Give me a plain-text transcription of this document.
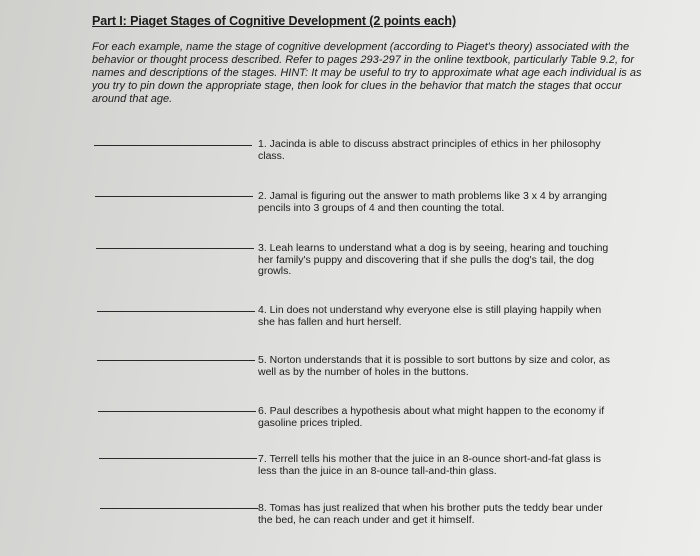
Part I: Piaget Stages of Cognitive Development (2 points each)
For each example, name the stage of cognitive development (according to Piaget's theory) associated with the behavior or thought process described. Refer to pages 293-297 in the online textbook, particularly Table 9.2, for names and descriptions of the stages. HINT: It may be useful to try to approximate what age each individual is as you try to pin down the appropriate stage, then look for clues in the behavior that match the stages that occur around that age.
1. Jacinda is able to discuss abstract principles of ethics in her philosophy class.
2. Jamal is figuring out the answer to math problems like 3 x 4 by arranging pencils into 3 groups of 4 and then counting the total.
3. Leah learns to understand what a dog is by seeing, hearing and touching her family's puppy and discovering that if she pulls the dog's tail, the dog growls.
4. Lin does not understand why everyone else is still playing happily when she has fallen and hurt herself.
5. Norton understands that it is possible to sort buttons by size and color, as well as by the number of holes in the buttons.
6. Paul describes a hypothesis about what might happen to the economy if gasoline prices tripled.
7. Terrell tells his mother that the juice in an 8-ounce short-and-fat glass is less than the juice in an 8-ounce tall-and-thin glass.
8. Tomas has just realized that when his brother puts the teddy bear under the bed, he can reach under and get it himself.
